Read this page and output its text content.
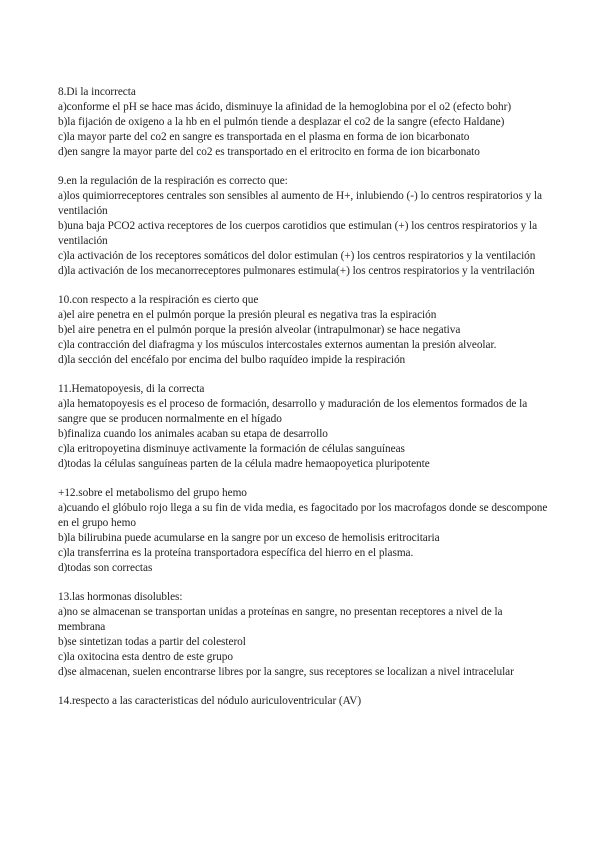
8.Di la incorrecta
a)conforme el pH se hace mas ácido, disminuye la afinidad de la hemoglobina por el o2 (efecto bohr)
b)la fijación de oxigeno a la hb en el pulmón tiende a desplazar el co2 de la sangre (efecto Haldane)
c)la mayor parte del co2 en sangre es transportada en el plasma en forma de ion bicarbonato
d)en sangre la mayor parte del co2 es transportado en el eritrocito en forma de ion bicarbonato
9.en la regulación de la respiración es correcto que:
a)los quimiorreceptores centrales son sensibles al aumento de H+, inlubiendo (-) lo centros respiratorios y la ventilación
b)una baja PCO2 activa receptores de los cuerpos carotidios que estimulan (+) los centros respiratorios y la ventilación
c)la activación de los receptores somáticos del dolor estimulan (+) los centros respiratorios y la ventilación
d)la activación de los mecanorreceptores pulmonares estimula(+) los centros respiratorios y la ventrilación
10.con respecto a la respiración es cierto que
a)el aire penetra en el pulmón porque la presión pleural es negativa tras la espiración
b)el aire penetra en el pulmón porque la presión alveolar (intrapulmonar) se hace negativa
c)la contracción del diafragma y los músculos intercostales externos aumentan la presión alveolar.
d)la sección del encéfalo por encima del bulbo raquídeo impide la respiración
11.Hematopoyesis, di la correcta
a)la hematopoyesis es el proceso de formación, desarrollo y maduración de los elementos formados de la sangre que se producen normalmente en el hígado
b)finaliza cuando los animales acaban su etapa de desarrollo
c)la eritropoyetina disminuye activamente la formación de células sanguíneas
d)todas la células sanguíneas parten de la célula madre hemaopoyetica pluripotente
+12.sobre el metabolismo del grupo hemo
a)cuando el glóbulo rojo llega a su fin de vida media, es fagocitado por los macrofagos donde se descompone en el grupo hemo
b)la bilirubina puede acumularse en la sangre por un exceso de hemolisis eritrocitaria
c)la transferrina es la proteína transportadora específica del hierro en el plasma.
d)todas son correctas
13.las hormonas disolubles:
a)no se almacenan se transportan unidas a proteínas en sangre, no presentan receptores a nivel de la membrana
b)se sintetizan todas a partir del colesterol
c)la oxitocina esta dentro de este grupo
d)se almacenan, suelen encontrarse libres por la sangre, sus receptores se localizan a nivel intracelular
14.respecto a las caracteristicas del nódulo auriculoventricular (AV)
